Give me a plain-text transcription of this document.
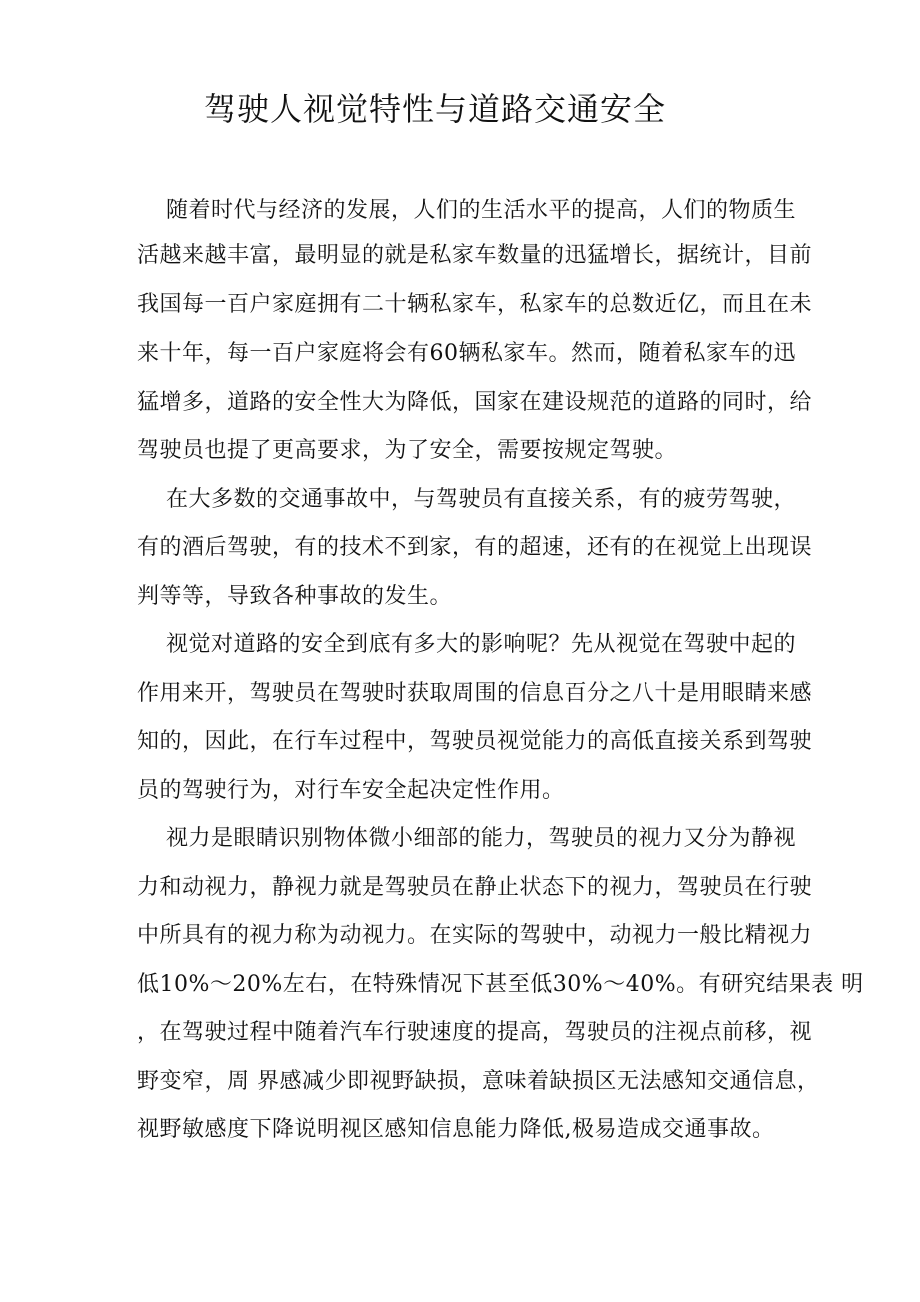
驾驶人视觉特性与道路交通安全
随着时代与经济的发展，人们的生活水平的提高，人们的物质生
活越来越丰富，最明显的就是私家车数量的迅猛增长，据统计，目前
我国每一百户家庭拥有二十辆私家车，私家车的总数近亿，而且在未
来十年，每一百户家庭将会有60辆私家车。然而，随着私家车的迅
猛增多，道路的安全性大为降低，国家在建设规范的道路的同时，给
驾驶员也提了更高要求，为了安全，需要按规定驾驶。
在大多数的交通事故中，与驾驶员有直接关系，有的疲劳驾驶，
有的酒后驾驶，有的技术不到家，有的超速，还有的在视觉上出现误
判等等，导致各种事故的发生。
视觉对道路的安全到底有多大的影响呢？先从视觉在驾驶中起的
作用来开，驾驶员在驾驶时获取周围的信息百分之八十是用眼睛来感
知的，因此，在行车过程中，驾驶员视觉能力的高低直接关系到驾驶
员的驾驶行为，对行车安全起决定性作用。
视力是眼睛识别物体微小细部的能力，驾驶员的视力又分为静视
力和动视力，静视力就是驾驶员在静止状态下的视力，驾驶员在行驶
中所具有的视力称为动视力。在实际的驾驶中，动视力一般比精视力
低10%～20%左右，在特殊情况下甚至低30%～40%。有研究结果表 明
，在驾驶过程中随着汽车行驶速度的提高，驾驶员的注视点前移，视
野变窄，周 界感减少即视野缺损，意味着缺损区无法感知交通信息，
视野敏感度下降说明视区感知信息能力降低,极易造成交通事故。
